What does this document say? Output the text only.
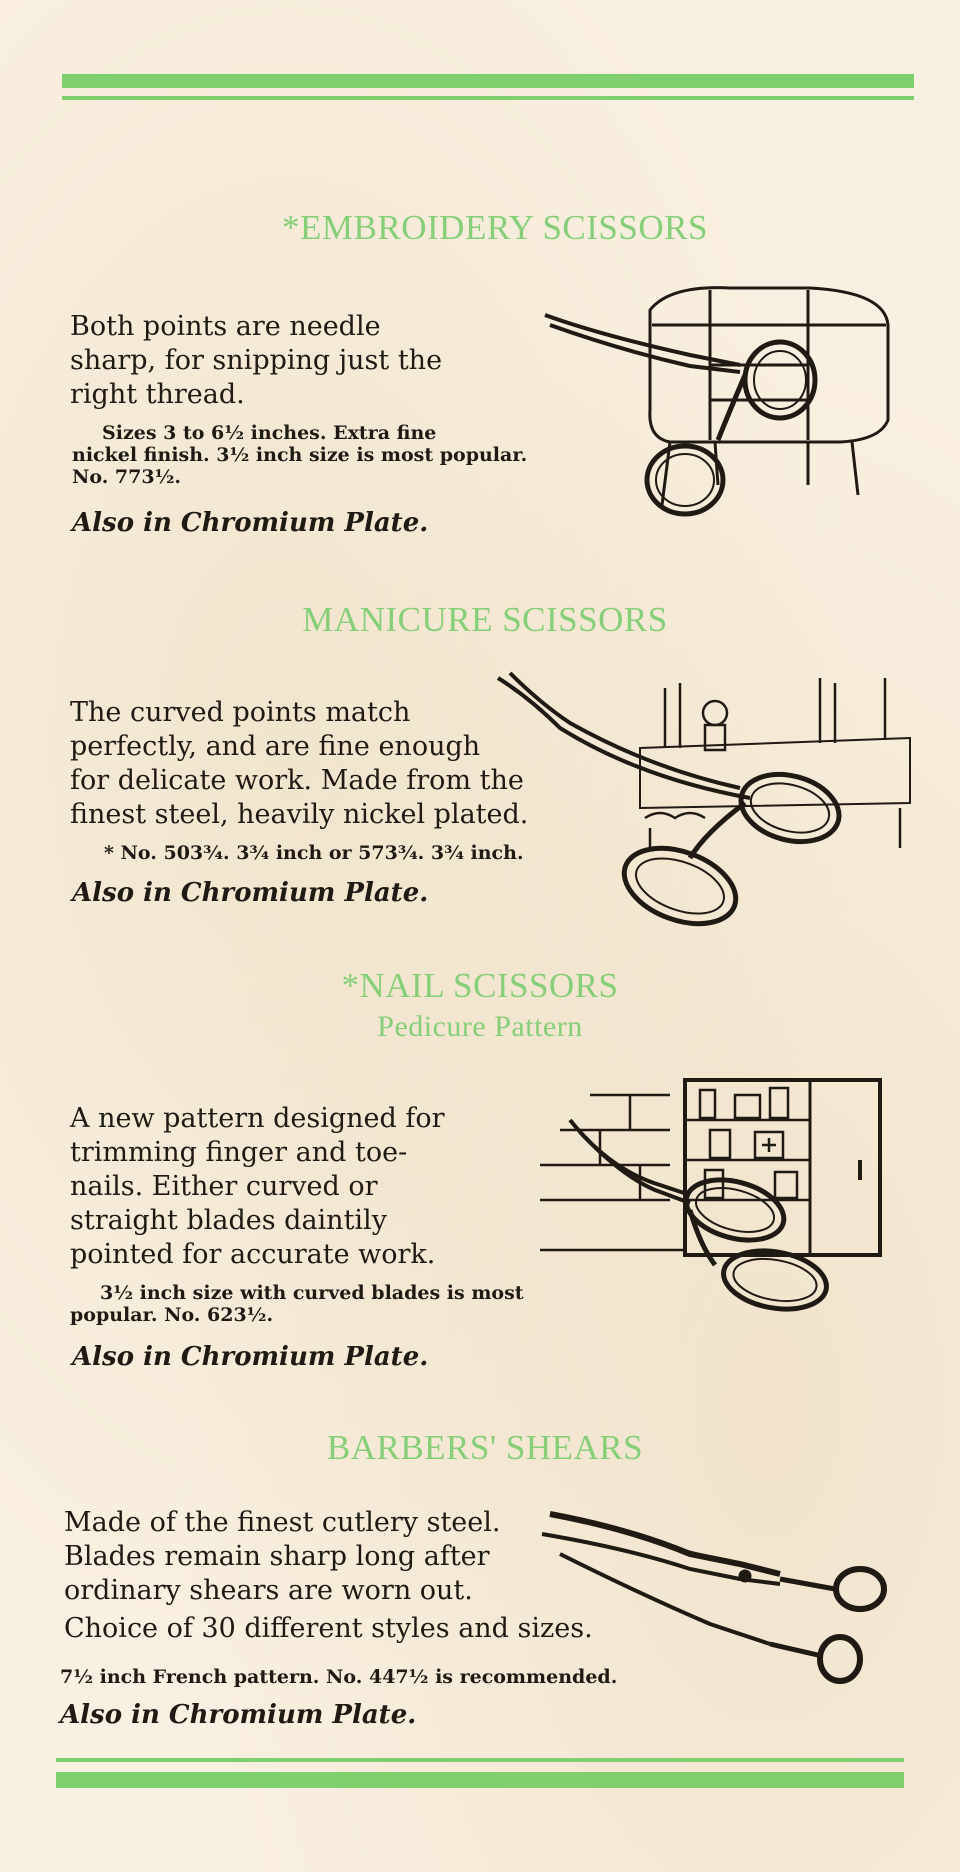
*EMBROIDERY SCISSORS
Both points are needle
sharp, for snipping just the
right thread.
Sizes 3 to 6½ inches. Extra fine
nickel finish. 3½ inch size is most popular.
No. 773½.
Also in Chromium Plate.
MANICURE SCISSORS
The curved points match
perfectly, and are fine enough
for delicate work. Made from the
finest steel, heavily nickel plated.
* No. 503¾. 3¾ inch or 573¾. 3¾ inch.
Also in Chromium Plate.
*NAIL SCISSORS
Pedicure Pattern
A new pattern designed for
trimming finger and toe-
nails. Either curved or
straight blades daintily
pointed for accurate work.
3½ inch size with curved blades is most
popular. No. 623½.
Also in Chromium Plate.
BARBERS' SHEARS
Made of the finest cutlery steel.
Blades remain sharp long after
ordinary shears are worn out.
Choice of 30 different styles and sizes.
7½ inch French pattern. No. 447½ is recommended.
Also in Chromium Plate.
